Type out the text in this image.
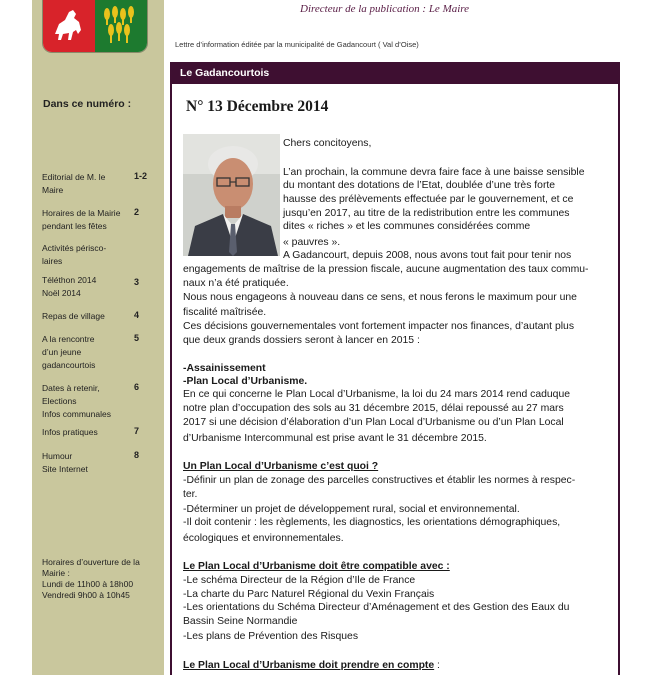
Directeur de la publication : Le Maire
Lettre d’information éditée par la municipalité de Gadancourt ( Val d’Oise)
Dans ce numéro :
Editorial de M. le
Maire
1-2
Horaires de la Mairie
pendant les fêtes
2
Activités périsco-
laires
Téléthon 2014
Noël 2014
3
Repas de village	4
A la rencontre
d’un jeune
gadancourtois
5
Dates à retenir,
Elections
Infos communales
6
Infos pratiques	7
Humour
Site Internet
8
Horaires d’ouverture de la
Mairie :
Lundi de 11h00 à 18h00
Vendredi 9h00 à 10h45
Le Gadancourtois
N° 13 Décembre 2014
Chers concitoyens,
L’an prochain, la commune devra faire face à une baisse sensible
du montant des dotations de l’Etat, doublée d’une très forte
hausse des prélèvements effectuée par le gouvernement, et ce
jusqu’en 2017, au titre de la redistribution entre les communes
dites « riches » et les communes considérées comme
« pauvres ».
A Gadancourt, depuis 2008, nous avons tout fait pour tenir nos
engagements de maîtrise de la pression fiscale, aucune augmentation des taux commu-
naux n’a été pratiquée.
Nous nous engageons à nouveau dans ce sens, et nous ferons le maximum pour une
fiscalité maîtrisée.
Ces décisions gouvernementales vont fortement impacter nos finances, d’autant plus
que deux grands dossiers seront à lancer en 2015 :
-Assainissement
-Plan Local d’Urbanisme.
En ce qui concerne le Plan Local d’Urbanisme, la loi du 24 mars 2014 rend caduque
notre plan d’occupation des sols au 31 décembre 2015, délai repoussé au 27 mars
2017 si une décision d’élaboration d’un Plan Local d’Urbanisme ou d’un Plan Local
d’Urbanisme Intercommunal est prise avant le 31 décembre 2015.
Un Plan Local d’Urbanisme c’est quoi ?
-Définir un plan de zonage des parcelles constructives et établir les normes à respec-
ter.
-Déterminer un projet de développement rural, social et environnemental.
-Il doit contenir : les règlements, les diagnostics, les orientations démographiques,
écologiques et environnementales.
Le Plan Local d’Urbanisme doit être compatible avec :
-Le schéma Directeur de la Région d’Ile de France
-La charte du Parc Naturel Régional du Vexin Français
-Les orientations du Schéma Directeur d’Aménagement et des Gestion des Eaux du
Bassin Seine Normandie
-Les plans de Prévention des Risques
Le Plan Local d’Urbanisme doit prendre en compte :
